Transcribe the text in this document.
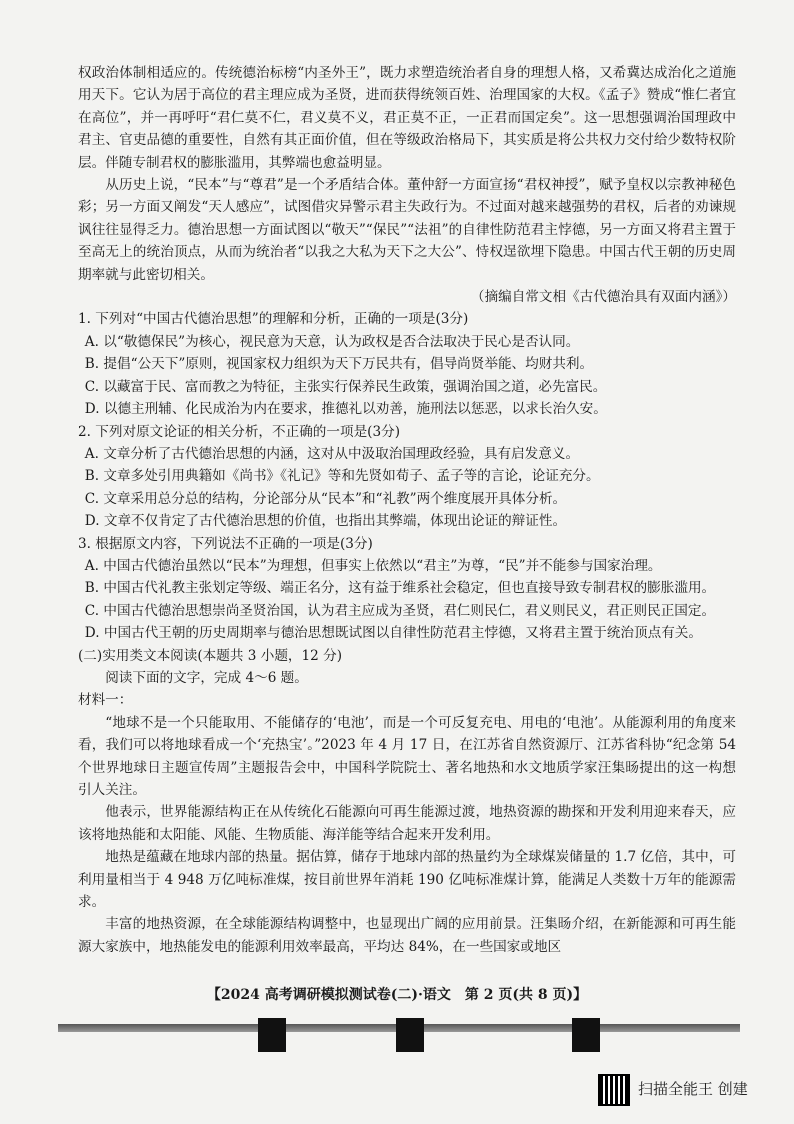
权政治体制相适应的。传统德治标榜“内圣外王”，既力求塑造统治者自身的理想人格，又希冀达成治化之道施用天下。它认为居于高位的君主理应成为圣贤，进而获得统领百姓、治理国家的大权。《孟子》赞成“惟仁者宜在高位”，并一再呼吁“君仁莫不仁，君义莫不义，君正莫不正，一正君而国定矣”。这一思想强调治国理政中君主、官吏品德的重要性，自然有其正面价值，但在等级政治格局下，其实质是将公共权力交付给少数特权阶层。伴随专制君权的膨胀滥用，其弊端也愈益明显。

从历史上说，“民本”与“尊君”是一个矛盾结合体。董仲舒一方面宣扬“君权神授”，赋予皇权以宗教神秘色彩；另一方面又阐发“天人感应”，试图借灾异警示君主失政行为。不过面对越来越强势的君权，后者的劝谏规讽往往显得乏力。德治思想一方面试图以“敬天”“保民”“法祖”的自律性防范君主悖德，另一方面又将君主置于至高无上的统治顶点，从而为统治者“以我之大私为天下之大公”、恃权逞欲埋下隐患。中国古代王朝的历史周期率就与此密切相关。

（摘编自常文相《古代德治具有双面内涵》）

1. 下列对“中国古代德治思想”的理解和分析，正确的一项是(3分)

A. 以“敬德保民”为核心，视民意为天意，认为政权是否合法取决于民心是否认同。

B. 提倡“公天下”原则，视国家权力组织为天下万民共有，倡导尚贤举能、均财共利。

C. 以藏富于民、富而教之为特征，主张实行保养民生政策，强调治国之道，必先富民。

D. 以德主刑辅、化民成治为内在要求，推德礼以劝善，施刑法以惩恶，以求长治久安。

2. 下列对原文论证的相关分析，不正确的一项是(3分)

A. 文章分析了古代德治思想的内涵，这对从中汲取治国理政经验，具有启发意义。

B. 文章多处引用典籍如《尚书》《礼记》等和先贤如荀子、孟子等的言论，论证充分。

C. 文章采用总分总的结构，分论部分从“民本”和“礼教”两个维度展开具体分析。

D. 文章不仅肯定了古代德治思想的价值，也指出其弊端，体现出论证的辩证性。

3. 根据原文内容，下列说法不正确的一项是(3分)

A. 中国古代德治虽然以“民本”为理想，但事实上依然以“君主”为尊，“民”并不能参与国家治理。

B. 中国古代礼教主张划定等级、端正名分，这有益于维系社会稳定，但也直接导致专制君权的膨胀滥用。

C. 中国古代德治思想崇尚圣贤治国，认为君主应成为圣贤，君仁则民仁，君义则民义，君正则民正国定。

D. 中国古代王朝的历史周期率与德治思想既试图以自律性防范君主悖德，又将君主置于统治顶点有关。

(二)实用类文本阅读(本题共 3 小题，12 分)

阅读下面的文字，完成 4～6 题。

材料一：

“地球不是一个只能取用、不能储存的‘电池’，而是一个可反复充电、用电的‘电池’。从能源利用的角度来看，我们可以将地球看成一个‘充热宝’。”2023 年 4 月 17 日，在江苏省自然资源厅、江苏省科协“纪念第 54 个世界地球日主题宣传周”主题报告会中，中国科学院院士、著名地热和水文地质学家汪集旸提出的这一构想引人关注。

他表示，世界能源结构正在从传统化石能源向可再生能源过渡，地热资源的勘探和开发利用迎来春天，应该将地热能和太阳能、风能、生物质能、海洋能等结合起来开发利用。

地热是蕴藏在地球内部的热量。据估算，储存于地球内部的热量约为全球煤炭储量的 1.7 亿倍，其中，可利用量相当于 4 948 万亿吨标准煤，按目前世界年消耗 190 亿吨标准煤计算，能满足人类数十万年的能源需求。

丰富的地热资源，在全球能源结构调整中，也显现出广阔的应用前景。汪集旸介绍，在新能源和可再生能源大家族中，地热能发电的能源利用效率最高，平均达 84%，在一些国家或地区

【2024 高考调研模拟测试卷(二)·语文　第 2 页(共 8 页)】
扫描全能王 创建
